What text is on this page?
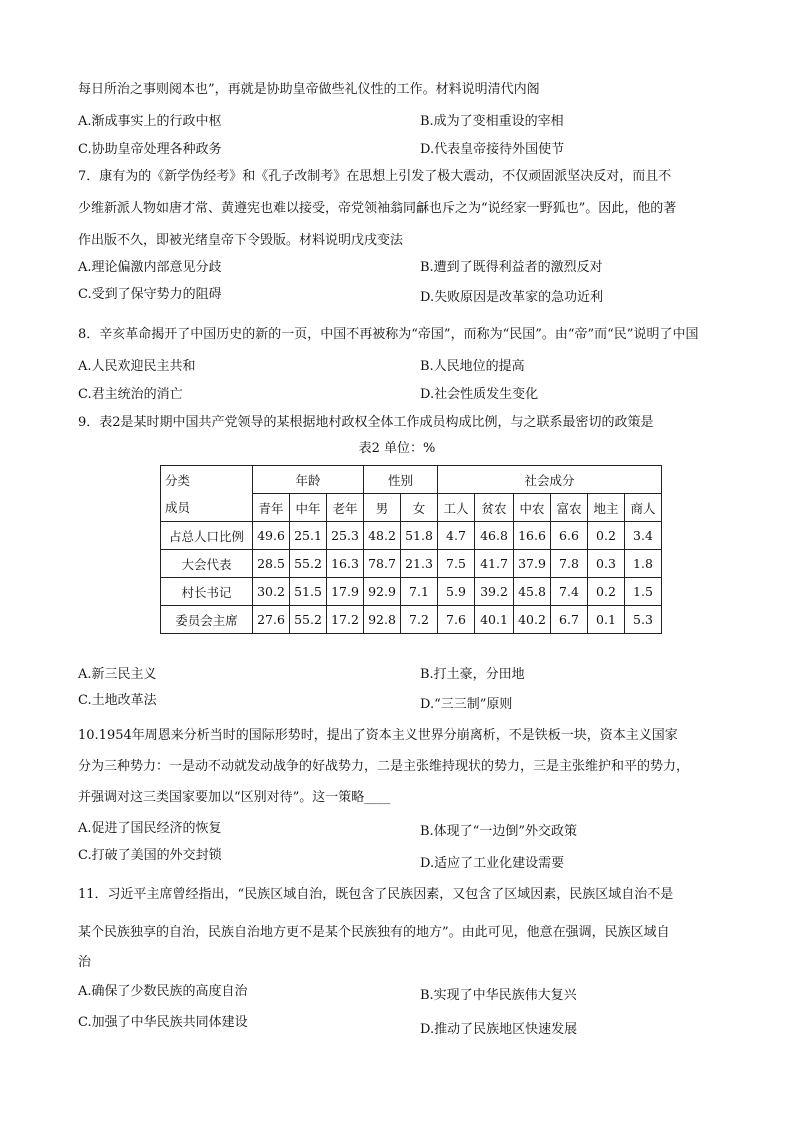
每日所治之事则阅本也”，再就是协助皇帝做些礼仪性的工作。材料说明清代内阁
A.渐成事实上的行政中枢	B.成为了变相重设的宰相
C.协助皇帝处理各种政务	D.代表皇帝接待外国使节
7．康有为的《新学伪经考》和《孔子改制考》在思想上引发了极大震动，不仅顽固派坚决反对，而且不
少维新派人物如唐才常、黄遵宪也难以接受，帝党领袖翁同龢也斥之为“说经家一野狐也”。因此，他的著
作出版不久，即被光绪皇帝下令毁版。材料说明戊戌变法
A.理论偏激内部意见分歧	B.遭到了既得利益者的激烈反对
C.受到了保守势力的阻碍	D.失败原因是改革家的急功近利
8．辛亥革命揭开了中国历史的新的一页，中国不再被称为“帝国”，而称为“民国”。由“帝”而“民”说明了中国
A.人民欢迎民主共和	B.人民地位的提高
C.君主统治的消亡	D.社会性质发生变化
9．表2是某时期中国共产党领导的某根据地村政权全体工作成员构成比例，与之联系最密切的政策是
表2 单位：%
分类	年龄			性别		社会成分					
成员	青年	中年	老年	男	女	工人	贫农	中农	富农	地主	商人
占总人口比例	49.6	25.1	25.3	48.2	51.8	4.7	46.8	16.6	6.6	0.2	3.4
大会代表	28.5	55.2	16.3	78.7	21.3	7.5	41.7	37.9	7.8	0.3	1.8
村长书记	30.2	51.5	17.9	92.9	7.1	5.9	39.2	45.8	7.4	0.2	1.5
委员会主席	27.6	55.2	17.2	92.8	7.2	7.6	40.1	40.2	6.7	0.1	5.3
A.新三民主义	B.打土豪，分田地
C.土地改革法	D.“三三制”原则
10.1954年周恩来分析当时的国际形势时，提出了资本主义世界分崩离析，不是铁板一块，资本主义国家
分为三种势力：一是动不动就发动战争的好战势力，二是主张维持现状的势力，三是主张维护和平的势力，
并强调对这三类国家要加以“区别对待”。这一策略____
A.促进了国民经济的恢复	B.体现了“一边倒”外交政策
C.打破了美国的外交封锁
D.适应了工业化建设需要
11．习近平主席曾经指出，“民族区域自治，既包含了民族因素，又包含了区域因素，民族区域自治不是
某个民族独享的自治，民族自治地方更不是某个民族独有的地方”。由此可见，他意在强调，民族区域自
治
A.确保了少数民族的高度自治	B.实现了中华民族伟大复兴
C.加强了中华民族共同体建设	D.推动了民族地区快速发展
